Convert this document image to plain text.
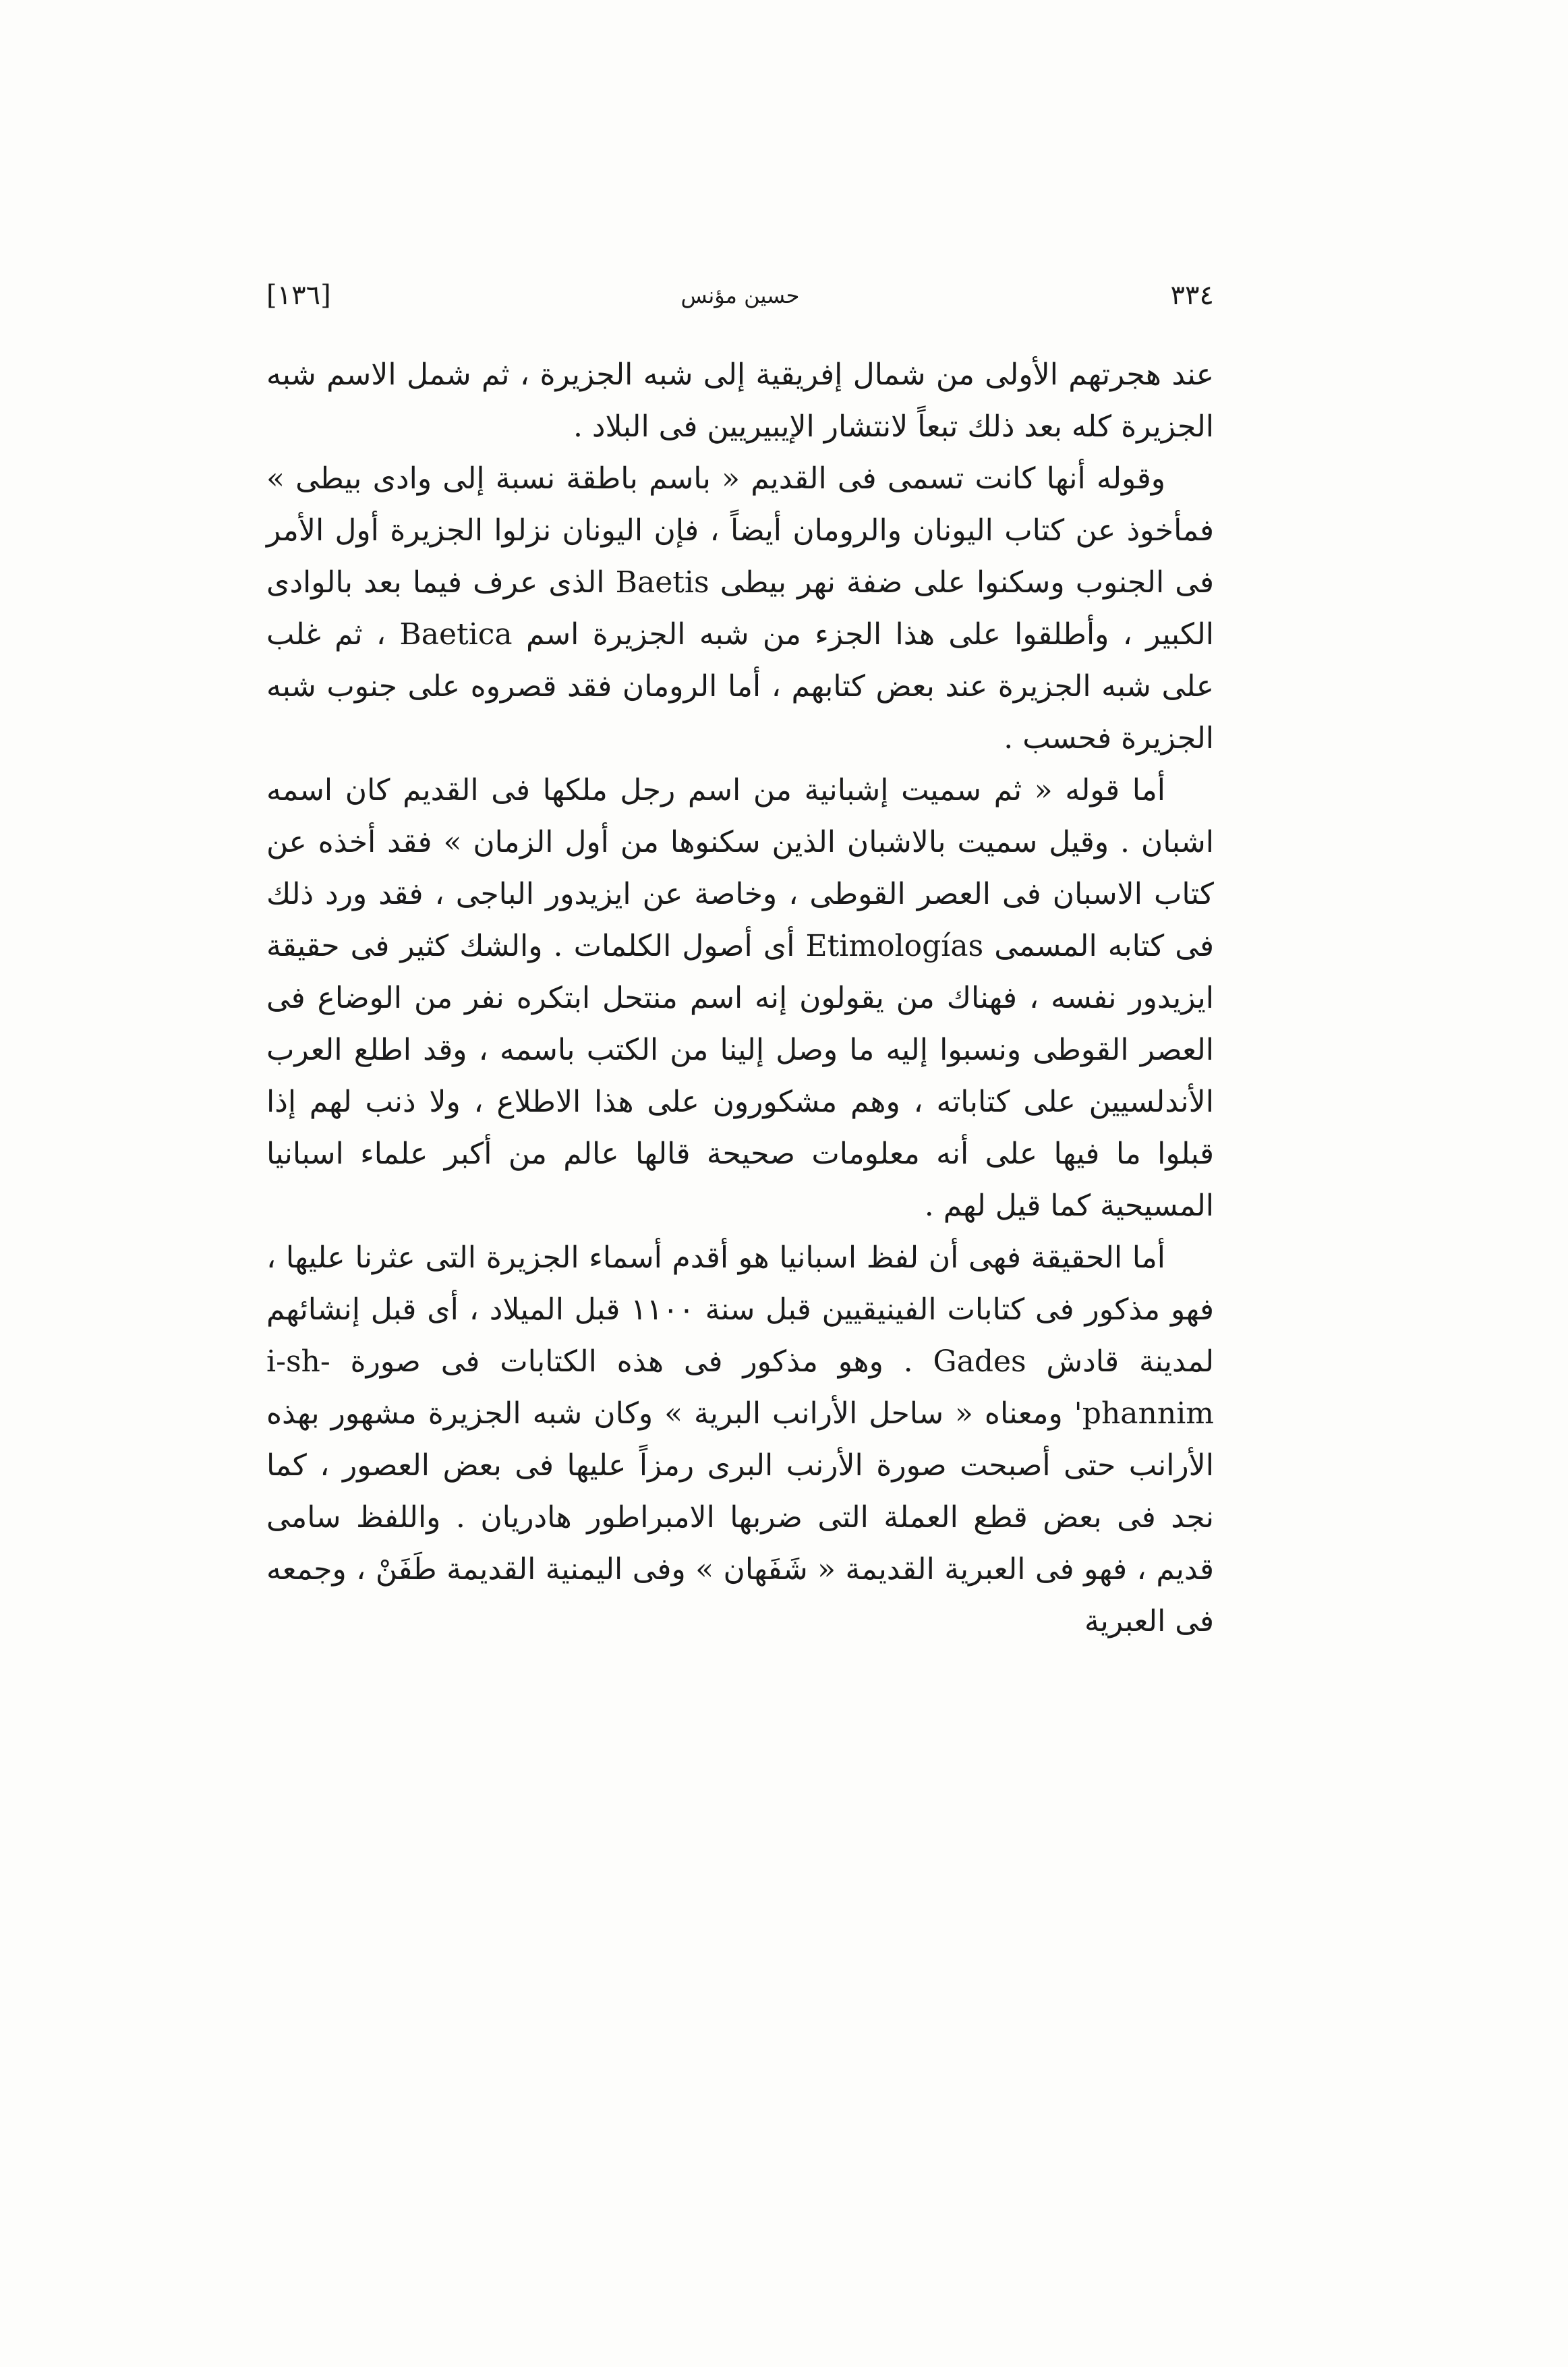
٣٣٤
حسين مؤنس
[١٣٦]

عند هجرتهم الأولى من شمال إفريقية إلى شبه الجزيرة ، ثم شمل الاسم شبه الجزيرة كله بعد ذلك تبعاً لانتشار الإيبيريين فى البلاد .

وقوله أنها كانت تسمى فى القديم « باسم باطقة نسبة إلى وادى بيطى » فمأخوذ عن كتاب اليونان والرومان أيضاً ، فإن اليونان نزلوا الجزيرة أول الأمر فى الجنوب وسكنوا على ضفة نهر بيطى Baetis الذى عرف فيما بعد بالوادى الكبير ، وأطلقوا على هذا الجزء من شبه الجزيرة اسم Baetica ، ثم غلب على شبه الجزيرة عند بعض كتابهم ، أما الرومان فقد قصروه على جنوب شبه الجزيرة فحسب .

أما قوله « ثم سميت إشبانية من اسم رجل ملكها فى القديم كان اسمه اشبان . وقيل سميت بالاشبان الذين سكنوها من أول الزمان » فقد أخذه عن كتاب الاسبان فى العصر القوطى ، وخاصة عن ايزيدور الباجى ، فقد ورد ذلك فى كتابه المسمى Etimologías أى أصول الكلمات . والشك كثير فى حقيقة ايزيدور نفسه ، فهناك من يقولون إنه اسم منتحل ابتكره نفر من الوضاع فى العصر القوطى ونسبوا إليه ما وصل إلينا من الكتب باسمه ، وقد اطلع العرب الأندلسيين على كتاباته ، وهم مشكورون على هذا الاطلاع ، ولا ذنب لهم إذا قبلوا ما فيها على أنه معلومات صحيحة قالها عالم من أكبر علماء اسبانيا المسيحية كما قيل لهم .

أما الحقيقة فهى أن لفظ اسبانيا هو أقدم أسماء الجزيرة التى عثرنا عليها ، فهو مذكور فى كتابات الفينيقيين قبل سنة ١١٠٠ قبل الميلاد ، أى قبل إنشائهم لمدينة قادش Gades . وهو مذكور فى هذه الكتابات فى صورة i-sh-phannim' ومعناه « ساحل الأرانب البرية » وكان شبه الجزيرة مشهور بهذه الأرانب حتى أصبحت صورة الأرنب البرى رمزاً عليها فى بعض العصور ، كما نجد فى بعض قطع العملة التى ضربها الامبراطور هادريان . واللفظ سامى قديم ، فهو فى العبرية القديمة « شَفَهان » وفى اليمنية القديمة طَفَنْ ، وجمعه فى العبرية
